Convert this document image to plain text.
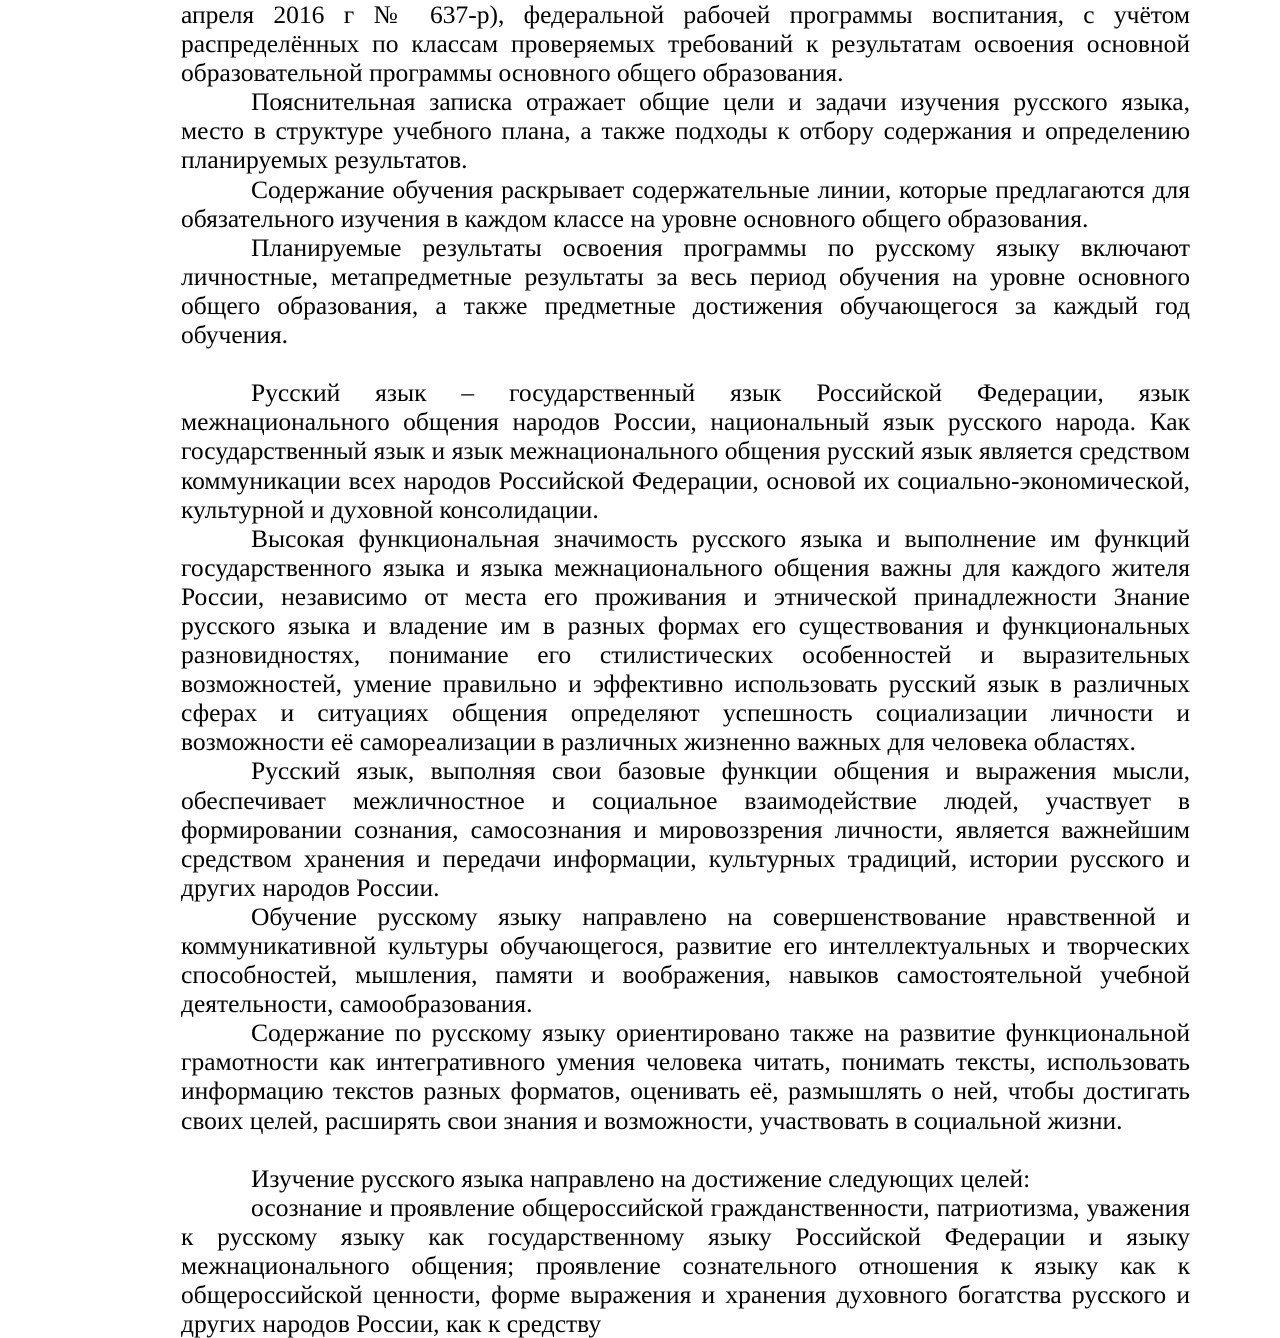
апреля 2016 г № 637-р), федеральной рабочей программы воспитания, с учётом распределённых по классам проверяемых требований к результатам освоения основной образовательной программы основного общего образования.

Пояснительная записка отражает общие цели и задачи изучения русского языка, место в структуре учебного плана, а также подходы к отбору содержания и определению планируемых результатов.

Содержание обучения раскрывает содержательные линии, которые предлагаются для обязательного изучения в каждом классе на уровне основного общего образования.

Планируемые результаты освоения программы по русскому языку включают личностные, метапредметные результаты за весь период обучения на уровне основного общего образования, а также предметные достижения обучающегося за каждый год обучения.

Русский язык – государственный язык Российской Федерации, язык межнационального общения народов России, национальный язык русского народа. Как государственный язык и язык межнационального общения русский язык является средством коммуникации всех народов Российской Федерации, основой их социально-экономической, культурной и духовной консолидации.

Высокая функциональная значимость русского языка и выполнение им функций государственного языка и языка межнационального общения важны для каждого жителя России, независимо от места его проживания и этнической принадлежности Знание русского языка и владение им в разных формах его существования и функциональных разновидностях, понимание его стилистических особенностей и выразительных возможностей, умение правильно и эффективно использовать русский язык в различных сферах и ситуациях общения определяют успешность социализации личности и возможности её самореализации в различных жизненно важных для человека областях.

Русский язык, выполняя свои базовые функции общения и выражения мысли, обеспечивает межличностное и социальное взаимодействие людей, участвует в формировании сознания, самосознания и мировоззрения личности, является важнейшим средством хранения и передачи информации, культурных традиций, истории русского и других народов России.

Обучение русскому языку направлено на совершенствование нравственной и коммуникативной культуры обучающегося, развитие его интеллектуальных и творческих способностей, мышления, памяти и воображения, навыков самостоятельной учебной деятельности, самообразования.

Содержание по русскому языку ориентировано также на развитие функциональной грамотности как интегративного умения человека читать, понимать тексты, использовать информацию текстов разных форматов, оценивать её, размышлять о ней, чтобы достигать своих целей, расширять свои знания и возможности, участвовать в социальной жизни.

Изучение русского языка направлено на достижение следующих целей:

осознание и проявление общероссийской гражданственности, патриотизма, уважения к русскому языку как государственному языку Российской Федерации и языку межнационального общения; проявление сознательного отношения к языку как к общероссийской ценности, форме выражения и хранения духовного богатства русского и других народов России, как к средству
